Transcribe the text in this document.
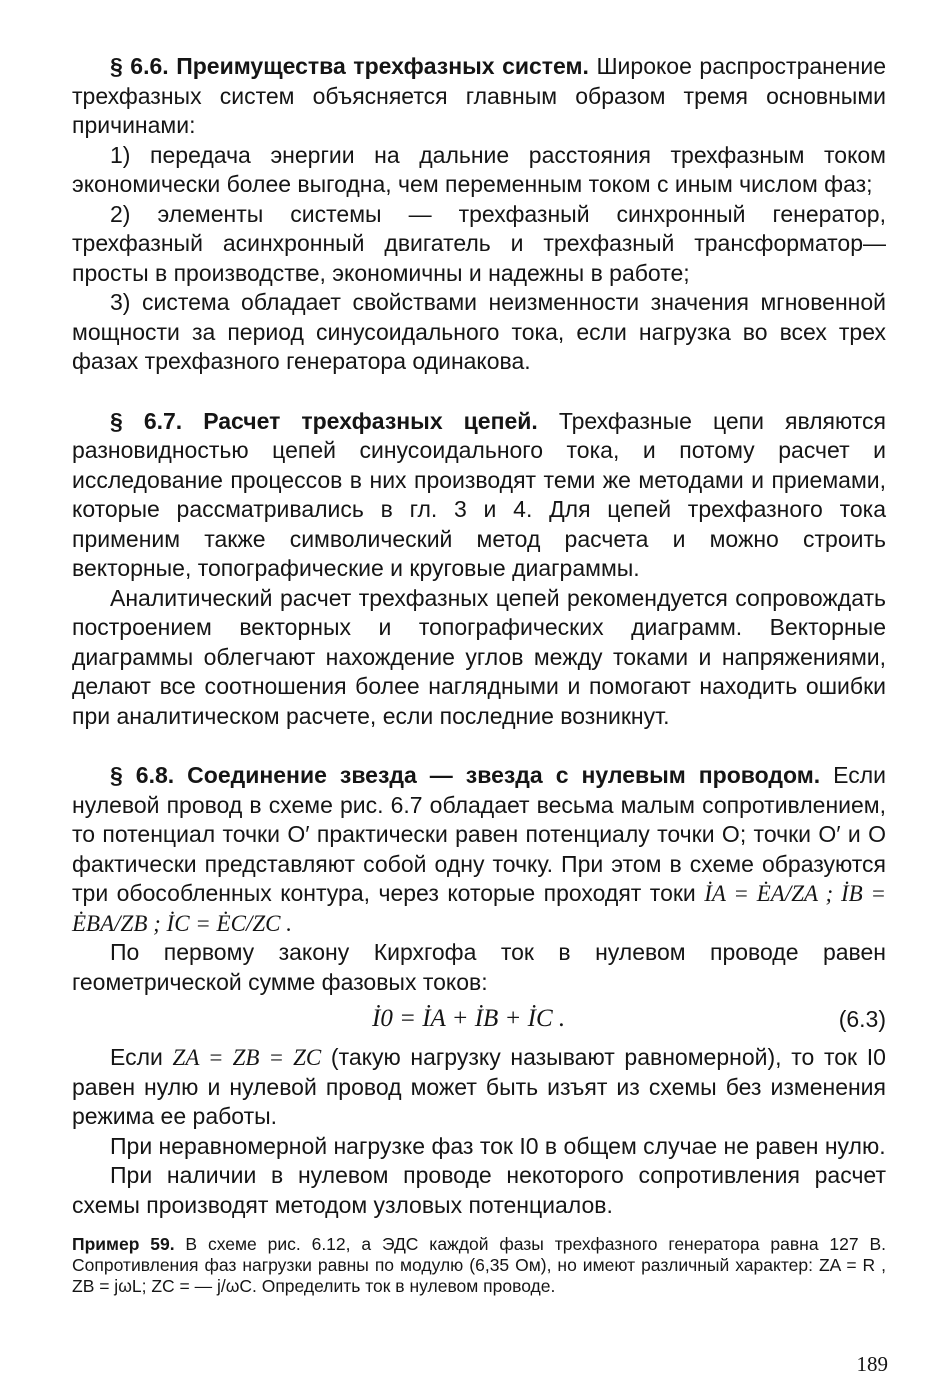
§ 6.6. Преимущества трехфазных систем. Широкое распространение трехфазных систем объясняется главным образом тремя основными причинами:

1) передача энергии на дальние расстояния трехфазным током экономически более выгодна, чем переменным током с иным числом фаз;

2) элементы системы — трехфазный синхронный генератор, трехфазный асинхронный двигатель и трехфазный трансформатор— просты в производстве, экономичны и надежны в работе;

3) система обладает свойствами неизменности значения мгновенной мощности за период синусоидального тока, если нагрузка во всех трех фазах трехфазного генератора одинакова.

§ 6.7. Расчет трехфазных цепей. Трехфазные цепи являются разновидностью цепей синусоидального тока, и потому расчет и исследование процессов в них производят теми же методами и приемами, которые рассматривались в гл. 3 и 4. Для цепей трехфазного тока применим также символический метод расчета и можно строить векторные, топографические и круговые диаграммы.

Аналитический расчет трехфазных цепей рекомендуется сопровождать построением векторных и топографических диаграмм. Векторные диаграммы облегчают нахождение углов между токами и напряжениями, делают все соотношения более наглядными и помогают находить ошибки при аналитическом расчете, если последние возникнут.

§ 6.8. Соединение звезда — звезда с нулевым проводом. Если нулевой провод в схеме рис. 6.7 обладает весьма малым сопротивлением, то потенциал точки O′ практически равен потенциалу точки O; точки O′ и O фактически представляют собой одну точку. При этом в схеме образуются три обособленных контура, через которые проходят токи İA = ĖA/ZA ; İB = ĖBA/ZB ; İC = ĖC/ZC .

По первому закону Кирхгофа ток в нулевом проводе равен геометрической сумме фазовых токов:

İ0 = İA + İB + İC .	(6.3)

Если ZA = ZB = ZC (такую нагрузку называют равномерной), то ток I0 равен нулю и нулевой провод может быть изъят из схемы без изменения режима ее работы.

При неравномерной нагрузке фаз ток I0 в общем случае не равен нулю.

При наличии в нулевом проводе некоторого сопротивления расчет схемы производят методом узловых потенциалов.

Пример 59. В схеме рис. 6.12, а ЭДС каждой фазы трехфазного генератора равна 127 В. Сопротивления фаз нагрузки равны по модулю (6,35 Ом), но имеют различный характер: ZA = R , ZB = jωL; ZC = — j/ωC. Определить ток в нулевом проводе.
189
